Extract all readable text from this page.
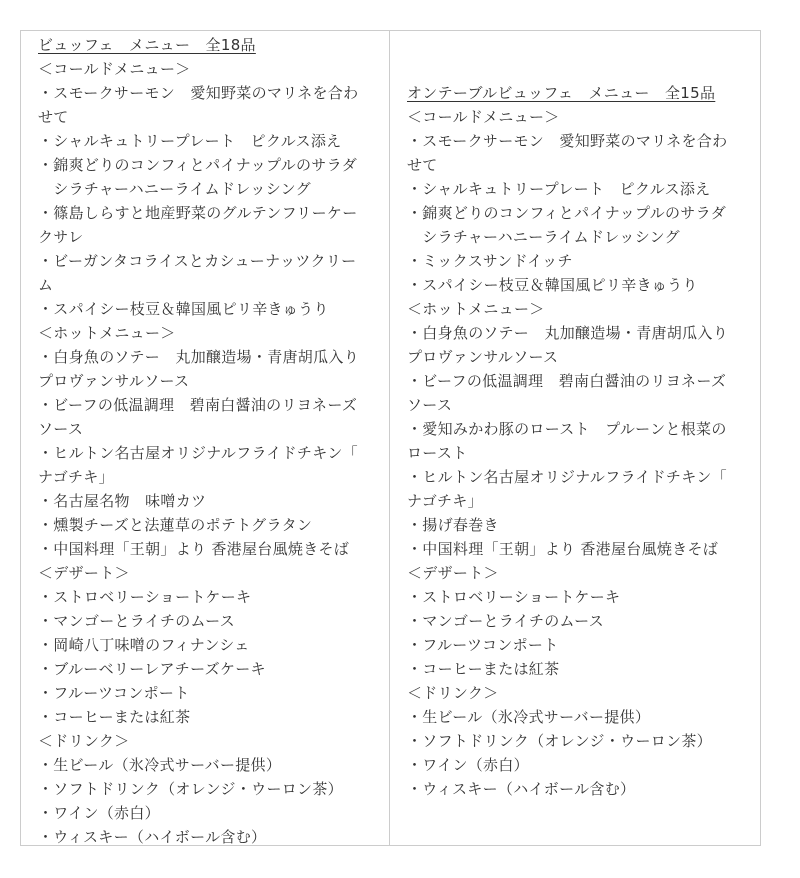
ビュッフェ　メニュー　全18品
＜コールドメニュー＞
・スモークサーモン　愛知野菜のマリネを合わ
せて
・シャルキュトリープレート　ピクルス添え
・錦爽どりのコンフィとパイナップルのサラダ
　シラチャーハニーライムドレッシング
・篠島しらすと地産野菜のグルテンフリーケー
クサレ
・ビーガンタコライスとカシューナッツクリー
ム
・スパイシー枝豆＆韓国風ピリ辛きゅうり
＜ホットメニュー＞
・白身魚のソテー　丸加醸造場・青唐胡瓜入り
プロヴァンサルソース
・ビーフの低温調理　碧南白醤油のリヨネーズ
ソース
・ヒルトン名古屋オリジナルフライドチキン「
ナゴチキ」
・名古屋名物　味噌カツ
・燻製チーズと法蓮草のポテトグラタン
・中国料理「王朝」より 香港屋台風焼きそば
＜デザート＞
・ストロベリーショートケーキ
・マンゴーとライチのムース
・岡崎八丁味噌のフィナンシェ
・ブルーベリーレアチーズケーキ
・フルーツコンポート
・コーヒーまたは紅茶
＜ドリンク＞
・生ビール（氷冷式サーバー提供）
・ソフトドリンク（オレンジ・ウーロン茶）
・ワイン（赤白）
・ウィスキー（ハイボール含む）
オンテーブルビュッフェ　メニュー　全15品
＜コールドメニュー＞
・スモークサーモン　愛知野菜のマリネを合わ
せて
・シャルキュトリープレート　ピクルス添え
・錦爽どりのコンフィとパイナップルのサラダ
　シラチャーハニーライムドレッシング
・ミックスサンドイッチ
・スパイシー枝豆＆韓国風ピリ辛きゅうり
＜ホットメニュー＞
・白身魚のソテー　丸加醸造場・青唐胡瓜入り
プロヴァンサルソース
・ビーフの低温調理　碧南白醤油のリヨネーズ
ソース
・愛知みかわ豚のロースト　プルーンと根菜の
ロースト
・ヒルトン名古屋オリジナルフライドチキン「
ナゴチキ」
・揚げ春巻き
・中国料理「王朝」より 香港屋台風焼きそば
＜デザート＞
・ストロベリーショートケーキ
・マンゴーとライチのムース
・フルーツコンポート
・コーヒーまたは紅茶
＜ドリンク＞
・生ビール（氷冷式サーバー提供）
・ソフトドリンク（オレンジ・ウーロン茶）
・ワイン（赤白）
・ウィスキー（ハイボール含む）
